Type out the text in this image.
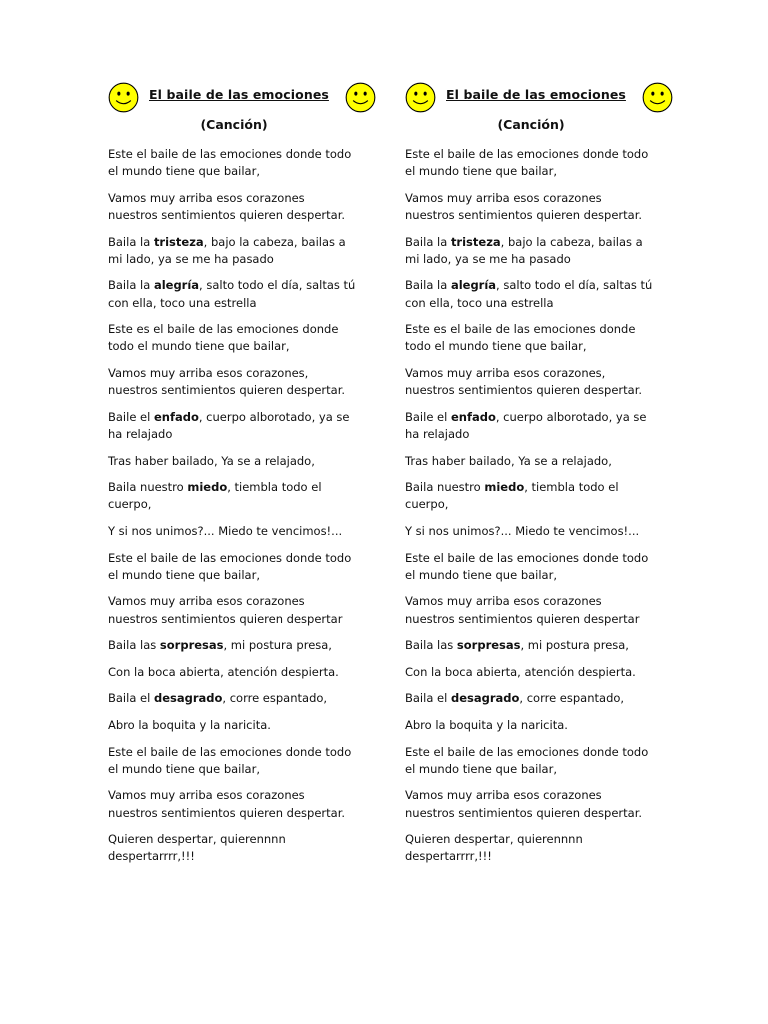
El baile de las emociones
(Canción)
Este el baile de las emociones donde todo
el mundo tiene que bailar,
Vamos muy arriba esos corazones
nuestros sentimientos quieren despertar.
Baila la tristeza, bajo la cabeza, bailas a
mi lado, ya se me ha pasado
Baila la alegría, salto todo el día, saltas tú
con ella, toco una estrella
Este es el baile de las emociones donde
todo el mundo tiene que bailar,
Vamos muy arriba esos corazones,
nuestros sentimientos quieren despertar.
Baile el enfado, cuerpo alborotado, ya se
ha relajado
Tras haber bailado, Ya se a relajado,
Baila nuestro miedo, tiembla todo el
cuerpo,
Y si nos unimos?... Miedo te vencimos!...
Este el baile de las emociones donde todo
el mundo tiene que bailar,
Vamos muy arriba esos corazones
nuestros sentimientos quieren despertar
Baila las sorpresas, mi postura presa,
Con la boca abierta, atención despierta.
Baila el desagrado, corre espantado,
Abro la boquita y la naricita.
Este el baile de las emociones donde todo
el mundo tiene que bailar,
Vamos muy arriba esos corazones
nuestros sentimientos quieren despertar.
Quieren despertar, quierennnn
despertarrrr,!!!
El baile de las emociones
(Canción)
Este el baile de las emociones donde todo
el mundo tiene que bailar,
Vamos muy arriba esos corazones
nuestros sentimientos quieren despertar.
Baila la tristeza, bajo la cabeza, bailas a
mi lado, ya se me ha pasado
Baila la alegría, salto todo el día, saltas tú
con ella, toco una estrella
Este es el baile de las emociones donde
todo el mundo tiene que bailar,
Vamos muy arriba esos corazones,
nuestros sentimientos quieren despertar.
Baile el enfado, cuerpo alborotado, ya se
ha relajado
Tras haber bailado, Ya se a relajado,
Baila nuestro miedo, tiembla todo el
cuerpo,
Y si nos unimos?... Miedo te vencimos!...
Este el baile de las emociones donde todo
el mundo tiene que bailar,
Vamos muy arriba esos corazones
nuestros sentimientos quieren despertar
Baila las sorpresas, mi postura presa,
Con la boca abierta, atención despierta.
Baila el desagrado, corre espantado,
Abro la boquita y la naricita.
Este el baile de las emociones donde todo
el mundo tiene que bailar,
Vamos muy arriba esos corazones
nuestros sentimientos quieren despertar.
Quieren despertar, quierennnn
despertarrrr,!!!
